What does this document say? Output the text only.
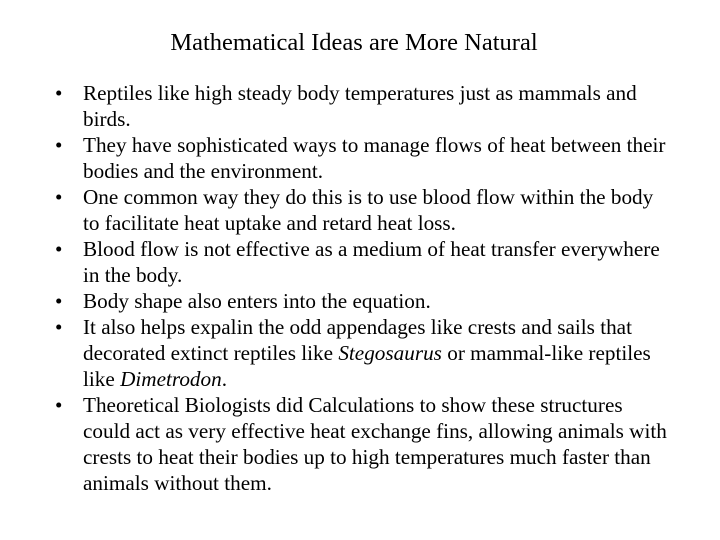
Mathematical Ideas are More Natural
• Reptiles like high steady body temperatures just as mammals and birds.
• They have sophisticated ways to manage flows of heat between their bodies and the environment.
• One common way they do this is to use blood flow within the body to facilitate heat uptake and retard heat loss.
• Blood flow is not effective as a medium of heat transfer everywhere in the body.
• Body shape also enters into the equation.
• It also helps expalin the odd appendages like crests and sails that decorated extinct reptiles like Stegosaurus or mammal-like reptiles like Dimetrodon.
• Theoretical Biologists did Calculations to show these structures could act as very effective heat exchange fins, allowing animals with crests to heat their bodies up to high temperatures much faster than animals without them.
